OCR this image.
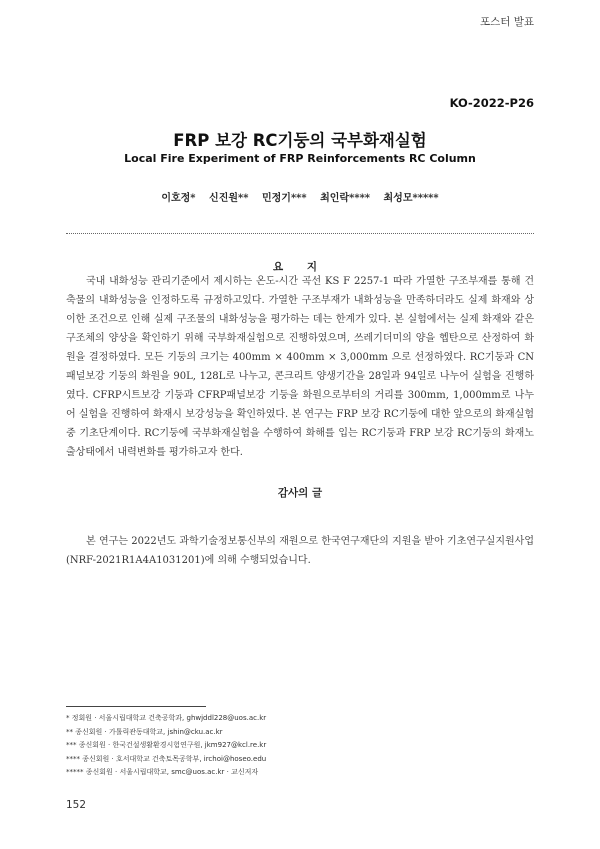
포스터 발표
KO-2022-P26
FRP 보강 RC기둥의 국부화재실험
Local Fire Experiment of FRP Reinforcements RC Column
이호정* 신진원** 민정기*** 최인락**** 최성모*****
요 지
국내 내화성능 관리기준에서 제시하는 온도-시간 곡선 KS F 2257-1 따라 가열한 구조부재를 통해 건축물의 내화성능을 인정하도록 규정하고있다. 가열한 구조부재가 내화성능을 만족하더라도 실제 화재와 상이한 조건으로 인해 실제 구조물의 내화성능을 평가하는 데는 한계가 있다. 본 실험에서는 실제 화재와 같은 구조체의 양상을 확인하기 위해 국부화재실험으로 진행하였으며, 쓰레기더미의 양을 헵탄으로 산정하여 화원을 결정하였다. 모든 기둥의 크기는 400mm × 400mm × 3,000mm 으로 선정하였다. RC기둥과 CN패널보강 기둥의 화원을 90L, 128L로 나누고, 콘크리트 양생기간을 28일과 94일로 나누어 실험을 진행하였다. CFRP시트보강 기둥과 CFRP패널보강 기둥을 화원으로부터의 거리를 300mm, 1,000mm로 나누어 실험을 진행하여 화재시 보강성능을 확인하였다. 본 연구는 FRP 보강 RC기둥에 대한 앞으로의 화재실험 중 기초단계이다. RC기둥에 국부화재실험을 수행하여 화해를 입는 RC기둥과 FRP 보강 RC기둥의 화재노출상태에서 내력변화를 평가하고자 한다.
감사의 글
본 연구는 2022년도 과학기술정보통신부의 재원으로 한국연구재단의 지원을 받아 기초연구실지원사업(NRF-2021R1A4A1031201)에 의해 수행되었습니다.
* 정회원 · 서울시립대학교 건축공학과, ghwjddl228@uos.ac.kr
** 종신회원 · 가톨릭관동대학교, jshin@cku.ac.kr
*** 종신회원 · 한국건설생활환경시험연구원, jkm927@kcl.re.kr
**** 종신회원 · 호서대학교 건축토목공학부, irchoi@hoseo.edu
***** 종신회원 · 서울시립대학교, smc@uos.ac.kr · 교신저자
152
